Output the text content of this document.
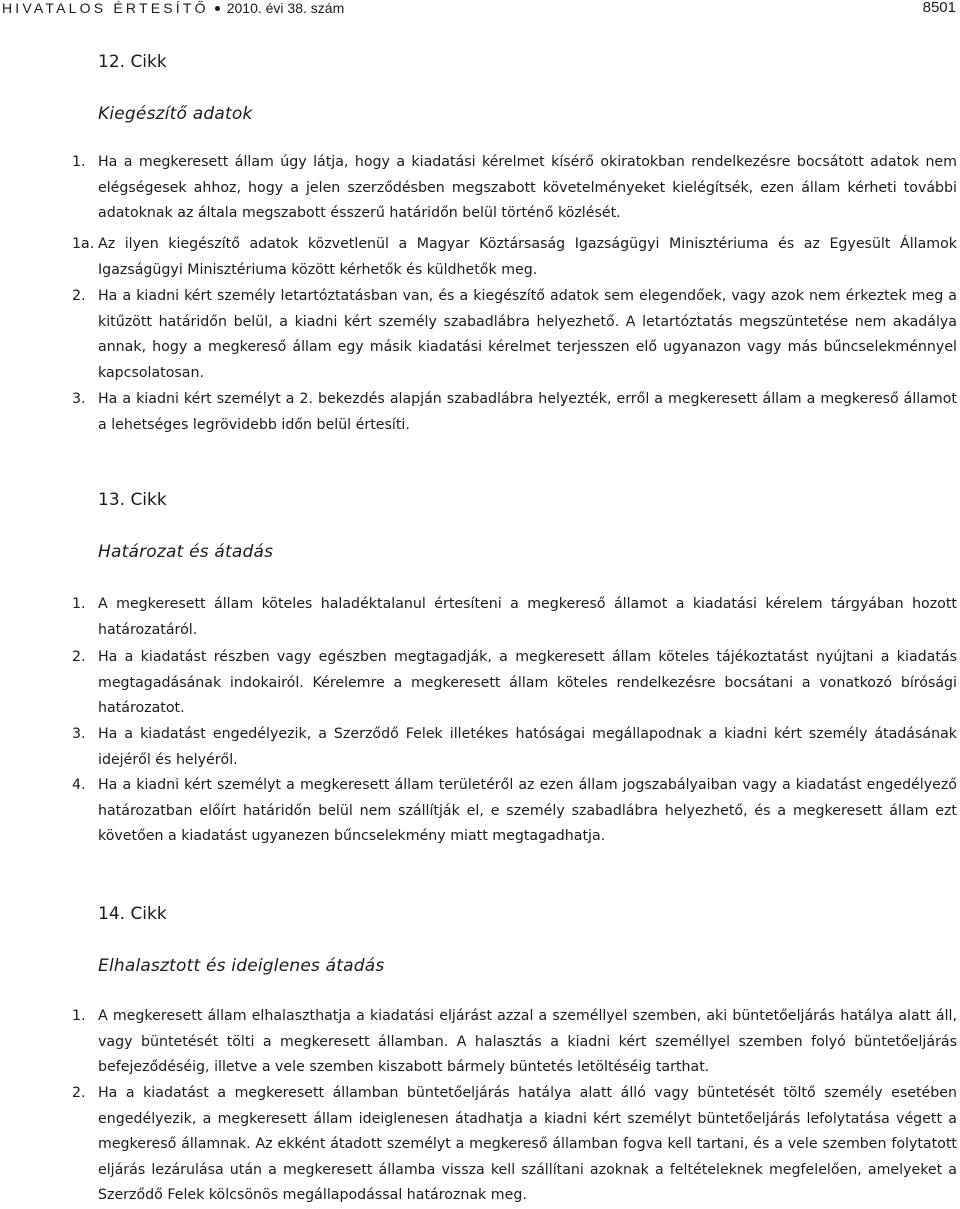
HIVATALOS ÉRTESÍTŐ 2010. évi 38. szám	8501
12. Cikk
Kiegészítő adatok
1. Ha a megkeresett állam úgy látja, hogy a kiadatási kérelmet kísérő okiratokban rendelkezésre bocsátott adatok nem elégségesek ahhoz, hogy a jelen szerződésben megszabott követelményeket kielégítsék, ezen állam kérheti további adatoknak az általa megszabott ésszerű határidőn belül történő közlését.
1a. Az ilyen kiegészítő adatok közvetlenül a Magyar Köztársaság Igazságügyi Minisztériuma és az Egyesült Államok Igazságügyi Minisztériuma között kérhetők és küldhetők meg.
2. Ha a kiadni kért személy letartóztatásban van, és a kiegészítő adatok sem elegendőek, vagy azok nem érkeztek meg a kitűzött határidőn belül, a kiadni kért személy szabadlábra helyezhető. A letartóztatás megszüntetése nem akadálya annak, hogy a megkereső állam egy másik kiadatási kérelmet terjesszen elő ugyanazon vagy más bűncselekménnyel kapcsolatosan.
3. Ha a kiadni kért személyt a 2. bekezdés alapján szabadlábra helyezték, erről a megkeresett állam a megkereső államot a lehetséges legrövidebb időn belül értesíti.
13. Cikk
Határozat és átadás
1. A megkeresett állam köteles haladéktalanul értesíteni a megkereső államot a kiadatási kérelem tárgyában hozott határozatáról.
2. Ha a kiadatást részben vagy egészben megtagadják, a megkeresett állam köteles tájékoztatást nyújtani a kiadatás megtagadásának indokairól. Kérelemre a megkeresett állam köteles rendelkezésre bocsátani a vonatkozó bírósági határozatot.
3. Ha a kiadatást engedélyezik, a Szerződő Felek illetékes hatóságai megállapodnak a kiadni kért személy átadásának idejéről és helyéről.
4. Ha a kiadni kért személyt a megkeresett állam területéről az ezen állam jogszabályaiban vagy a kiadatást engedélyező határozatban előírt határidőn belül nem szállítják el, e személy szabadlábra helyezhető, és a megkeresett állam ezt követően a kiadatást ugyanezen bűncselekmény miatt megtagadhatja.
14. Cikk
Elhalasztott és ideiglenes átadás
1. A megkeresett állam elhalaszthatja a kiadatási eljárást azzal a személlyel szemben, aki büntetőeljárás hatálya alatt áll, vagy büntetését tölti a megkeresett államban. A halasztás a kiadni kért személlyel szemben folyó büntetőeljárás befejeződéséig, illetve a vele szemben kiszabott bármely büntetés letöltéséig tarthat.
2. Ha a kiadatást a megkeresett államban büntetőeljárás hatálya alatt álló vagy büntetését töltő személy esetében engedélyezik, a megkeresett állam ideiglenesen átadhatja a kiadni kért személyt büntetőeljárás lefolytatása végett a megkereső államnak. Az ekként átadott személyt a megkereső államban fogva kell tartani, és a vele szemben folytatott eljárás lezárulása után a megkeresett államba vissza kell szállítani azoknak a feltételeknek megfelelően, amelyeket a Szerződő Felek kölcsönös megállapodással határoznak meg.
